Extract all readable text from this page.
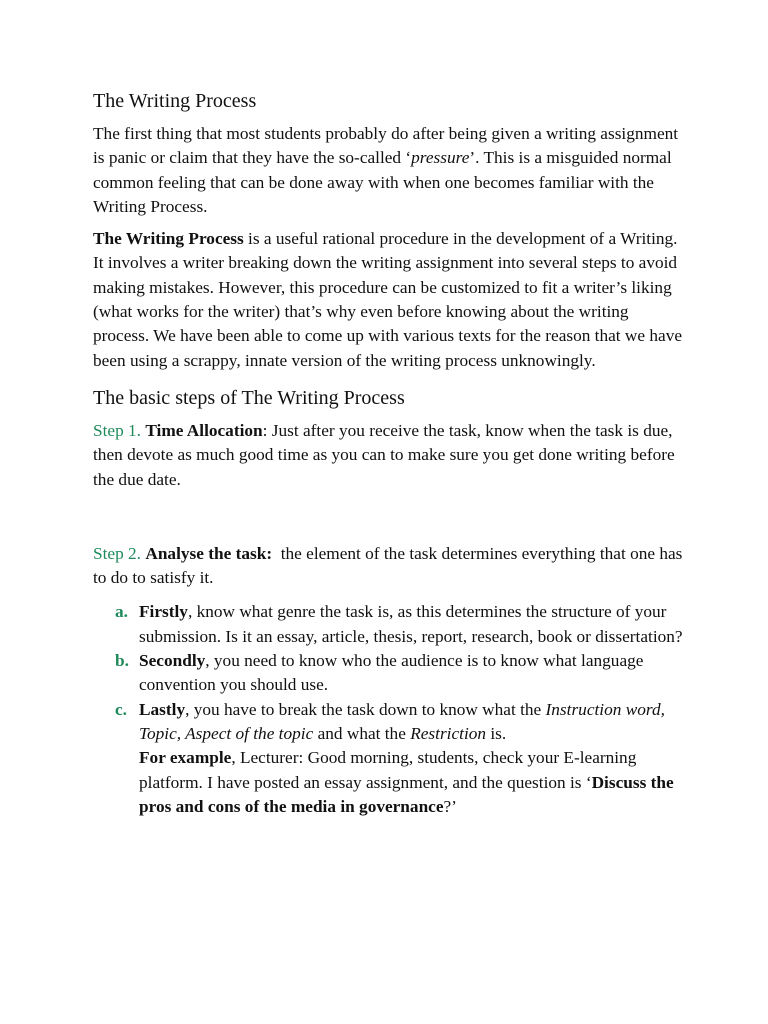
The Writing Process

The first thing that most students probably do after being given a writing assignment is panic or claim that they have the so-called ‘pressure’. This is a misguided normal common feeling that can be done away with when one becomes familiar with the Writing Process.

The Writing Process is a useful rational procedure in the development of a Writing. It involves a writer breaking down the writing assignment into several steps to avoid making mistakes. However, this procedure can be customized to fit a writer’s liking (what works for the writer) that’s why even before knowing about the writing process. We have been able to come up with various texts for the reason that we have been using a scrappy, innate version of the writing process unknowingly.

The basic steps of The Writing Process

Step 1. Time Allocation: Just after you receive the task, know when the task is due, then devote as much good time as you can to make sure you get done writing before the due date.

Step 2. Analyse the task:  the element of the task determines everything that one has to do to satisfy it.

a. Firstly, know what genre the task is, as this determines the structure of your submission. Is it an essay, article, thesis, report, research, book or dissertation?
b. Secondly, you need to know who the audience is to know what language convention you should use.
c. Lastly, you have to break the task down to know what the Instruction word, Topic, Aspect of the topic and what the Restriction is.
For example, Lecturer: Good morning, students, check your E-learning platform. I have posted an essay assignment, and the question is ‘Discuss the pros and cons of the media in governance?’
